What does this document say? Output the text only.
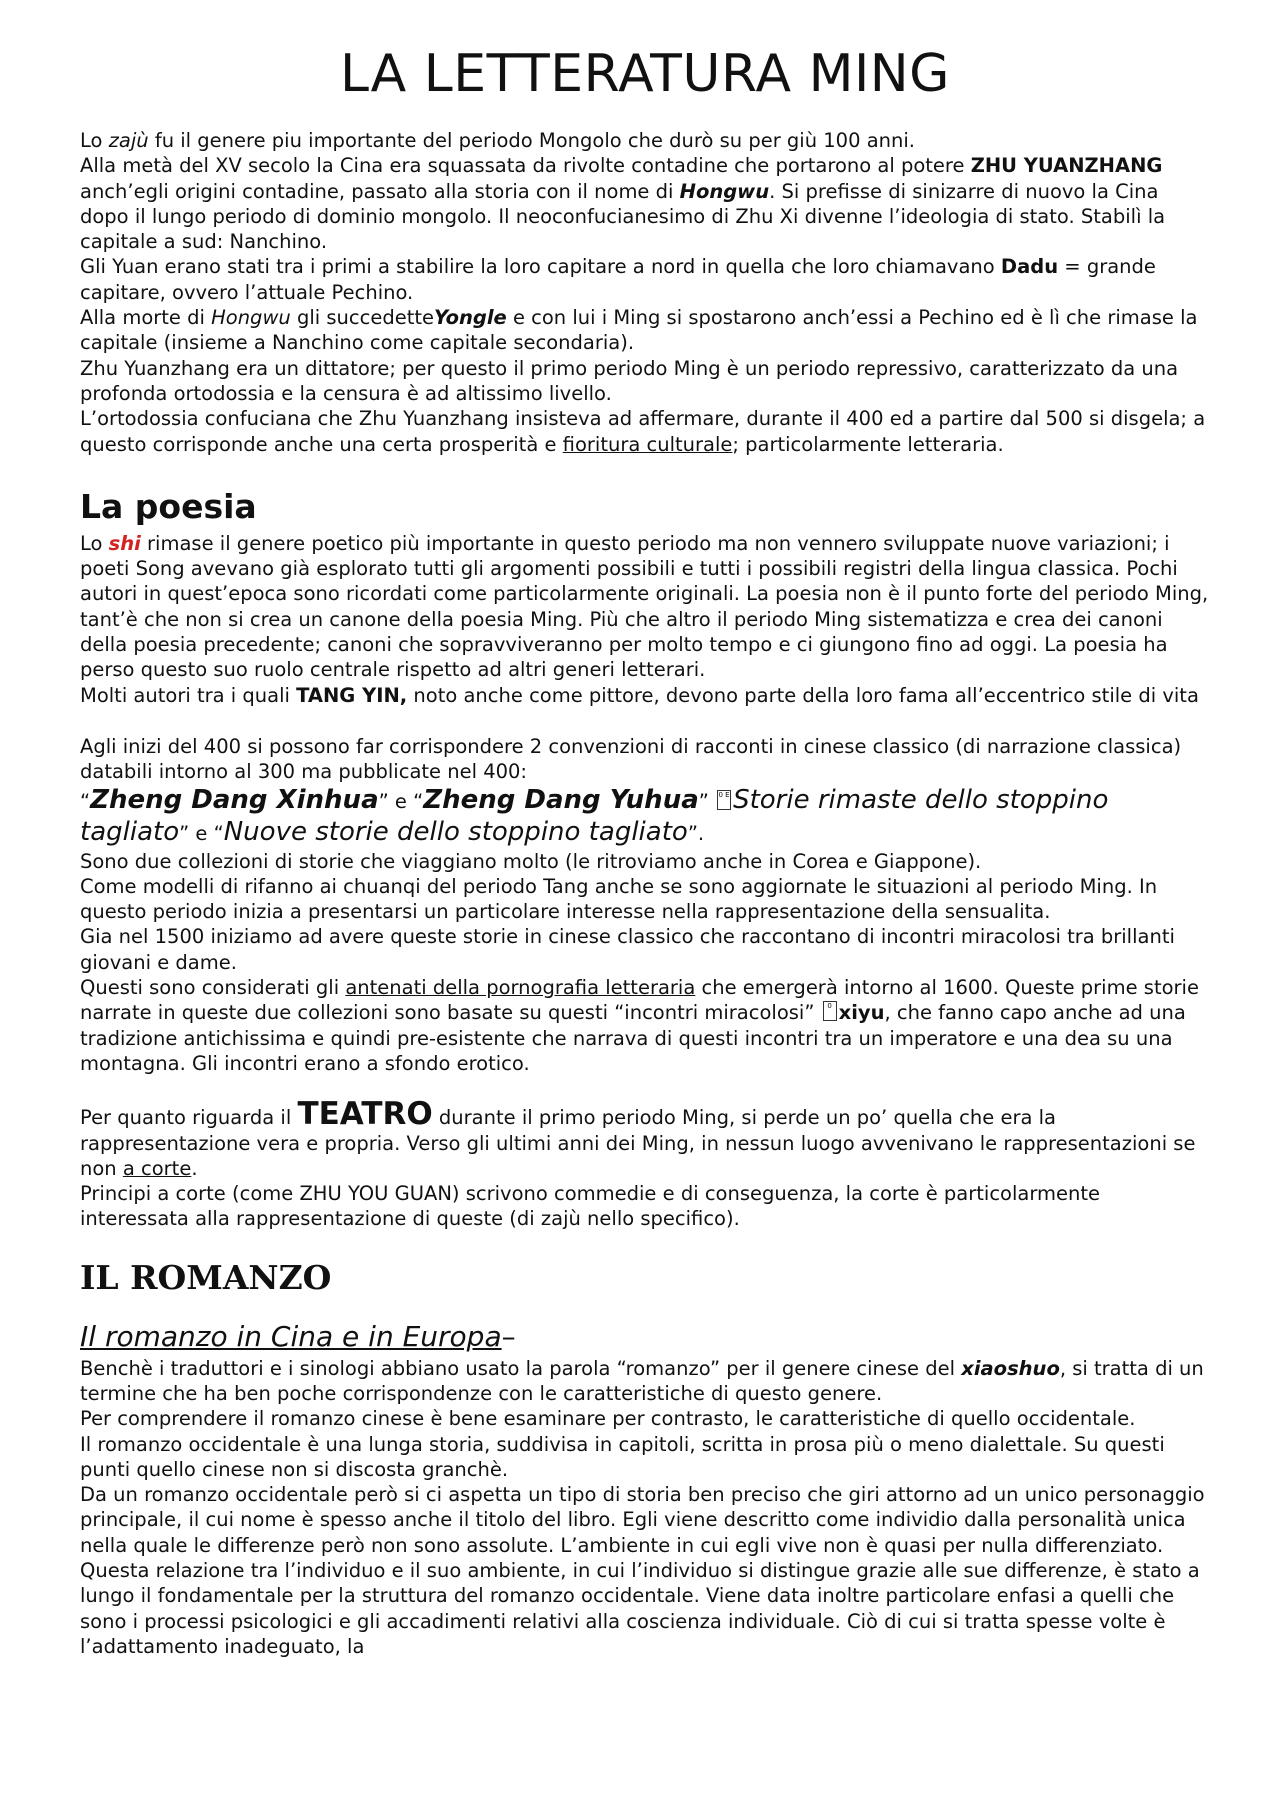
LA LETTERATURA MING

Lo zajù fu il genere piu importante del periodo Mongolo che durò su per giù 100 anni.

Alla metà del XV secolo la Cina era squassata da rivolte contadine che portarono al potere ZHU YUANZHANG anch’egli origini contadine, passato alla storia con il nome di Hongwu. Si prefisse di sinizarre di nuovo la Cina dopo il lungo periodo di dominio mongolo. Il neoconfucianesimo di Zhu Xi divenne l’ideologia di stato. Stabilì la capitale a sud: Nanchino.

Gli Yuan erano stati tra i primi a stabilire la loro capitare a nord in quella che loro chiamavano Dadu = grande capitare, ovvero l’attuale Pechino.

Alla morte di Hongwu gli succedetteYongle e con lui i Ming si spostarono anch’essi a Pechino ed è lì che rimase la capitale (insieme a Nanchino come capitale secondaria).

Zhu Yuanzhang era un dittatore; per questo il primo periodo Ming è un periodo repressivo, caratterizzato da una profonda ortodossia e la censura è ad altissimo livello.

L’ortodossia confuciana che Zhu Yuanzhang insisteva ad affermare, durante il 400 ed a partire dal 500 si disgela; a questo corrisponde anche una certa prosperità e fioritura culturale; particolarmente letteraria.

La poesia

Lo shi rimase il genere poetico più importante in questo periodo ma non vennero sviluppate nuove variazioni; i poeti Song avevano già esplorato tutti gli argomenti possibili e tutti i possibili registri della lingua classica. Pochi autori in quest’epoca sono ricordati come particolarmente originali. La poesia non è il punto forte del periodo Ming, tant’è che non si crea un canone della poesia Ming. Più che altro il periodo Ming sistematizza e crea dei canoni della poesia precedente; canoni che sopravviveranno per molto tempo e ci giungono fino ad oggi. La poesia ha perso questo suo ruolo centrale rispetto ad altri generi letterari.

Molti autori tra i quali TANG YIN, noto anche come pittore, devono parte della loro fama all’eccentrico stile di vita

Agli inizi del 400 si possono far corrispondere 2 convenzioni di racconti in cinese classico (di narrazione classica) databili intorno al 300 ma pubblicate nel 400:

“Zheng Dang Xinhua” e “Zheng Dang Yuhua” 0 E Storie rimaste dello stoppino tagliato” e “Nuove storie dello stoppino tagliato”.

Sono due collezioni di storie che viaggiano molto (le ritroviamo anche in Corea e Giappone).

Come modelli di rifanno ai chuanqi del periodo Tang anche se sono aggiornate le situazioni al periodo Ming. In questo periodo inizia a presentarsi un particolare interesse nella rappresentazione della sensualita.

Gia nel 1500 iniziamo ad avere queste storie in cinese classico che raccontano di incontri miracolosi tra brillanti giovani e dame.

Questi sono considerati gli antenati della pornografia letteraria che emergerà intorno al 1600. Queste prime storie narrate in queste due collezioni sono basate su questi “incontri miracolosi” 0 xiyu, che fanno capo anche ad una tradizione antichissima e quindi pre-esistente che narrava di questi incontri tra un imperatore e una dea su una montagna. Gli incontri erano a sfondo erotico.

Per quanto riguarda il TEATRO durante il primo periodo Ming, si perde un po’ quella che era la rappresentazione vera e propria. Verso gli ultimi anni dei Ming, in nessun luogo avvenivano le rappresentazioni se non a corte.

Principi a corte (come ZHU YOU GUAN) scrivono commedie e di conseguenza, la corte è particolarmente interessata alla rappresentazione di queste (di zajù nello specifico).

IL ROMANZO
Il romanzo in Cina e in Europa–

Benchè i traduttori e i sinologi abbiano usato la parola “romanzo” per il genere cinese del xiaoshuo, si tratta di un termine che ha ben poche corrispondenze con le caratteristiche di questo genere.

Per comprendere il romanzo cinese è bene esaminare per contrasto, le caratteristiche di quello occidentale.

Il romanzo occidentale è una lunga storia, suddivisa in capitoli, scritta in prosa più o meno dialettale. Su questi punti quello cinese non si discosta granchè.

Da un romanzo occidentale però si ci aspetta un tipo di storia ben preciso che giri attorno ad un unico personaggio principale, il cui nome è spesso anche il titolo del libro. Egli viene descritto come individio dalla personalità unica nella quale le differenze però non sono assolute. L’ambiente in cui egli vive non è quasi per nulla differenziato. Questa relazione tra l’individuo e il suo ambiente, in cui l’individuo si distingue grazie alle sue differenze, è stato a lungo il fondamentale per la struttura del romanzo occidentale. Viene data inoltre particolare enfasi a quelli che sono i processi psicologici e gli accadimenti relativi alla coscienza individuale. Ciò di cui si tratta spesse volte è l’adattamento inadeguato, la
